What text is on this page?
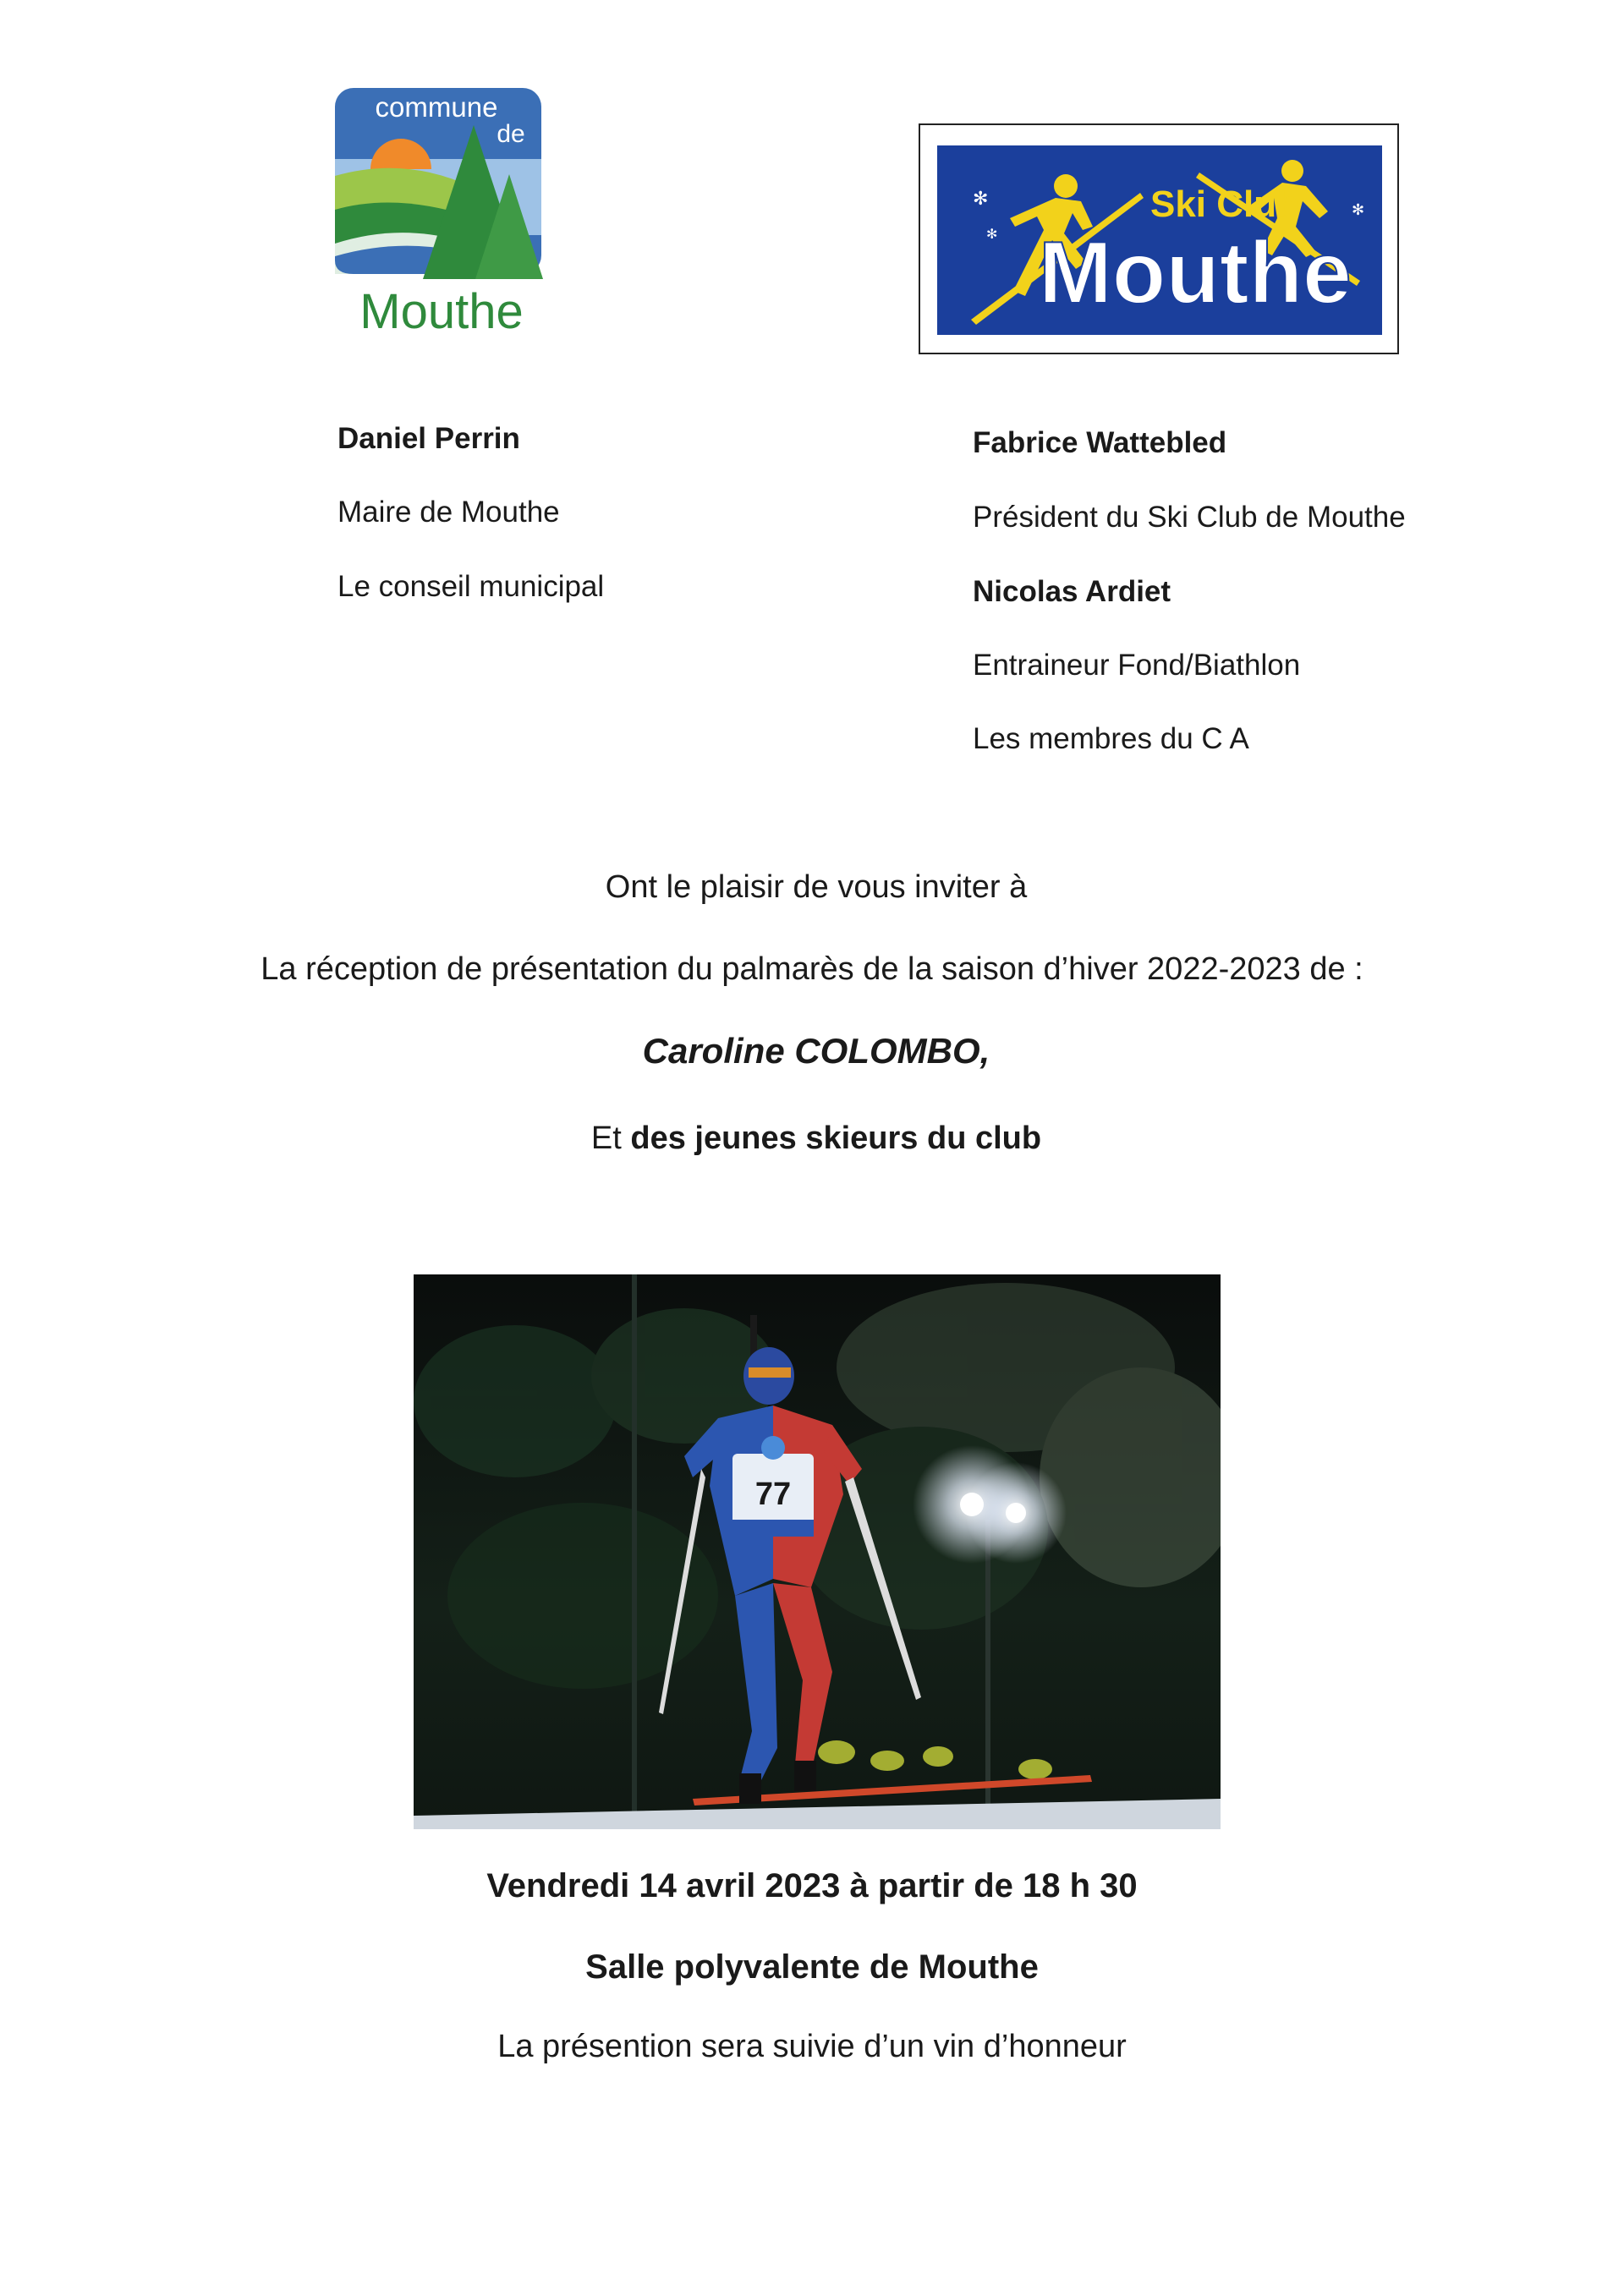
commune
de
Mouthe
✻
✻
✻
Ski Club
Mouthe
Daniel Perrin
Maire de Mouthe
Le conseil municipal
Fabrice Wattebled
Président du Ski Club de Mouthe
Nicolas Ardiet
Entraineur Fond/Biathlon
Les membres du C A
Ont le plaisir de vous inviter à
La réception de présentation du palmarès de la saison d’hiver 2022-2023 de :
Caroline COLOMBO,
Et des jeunes skieurs du club
77
Vendredi 14 avril 2023 à partir de 18 h 30
Salle polyvalente de Mouthe
La présention sera suivie d’un vin d’honneur
